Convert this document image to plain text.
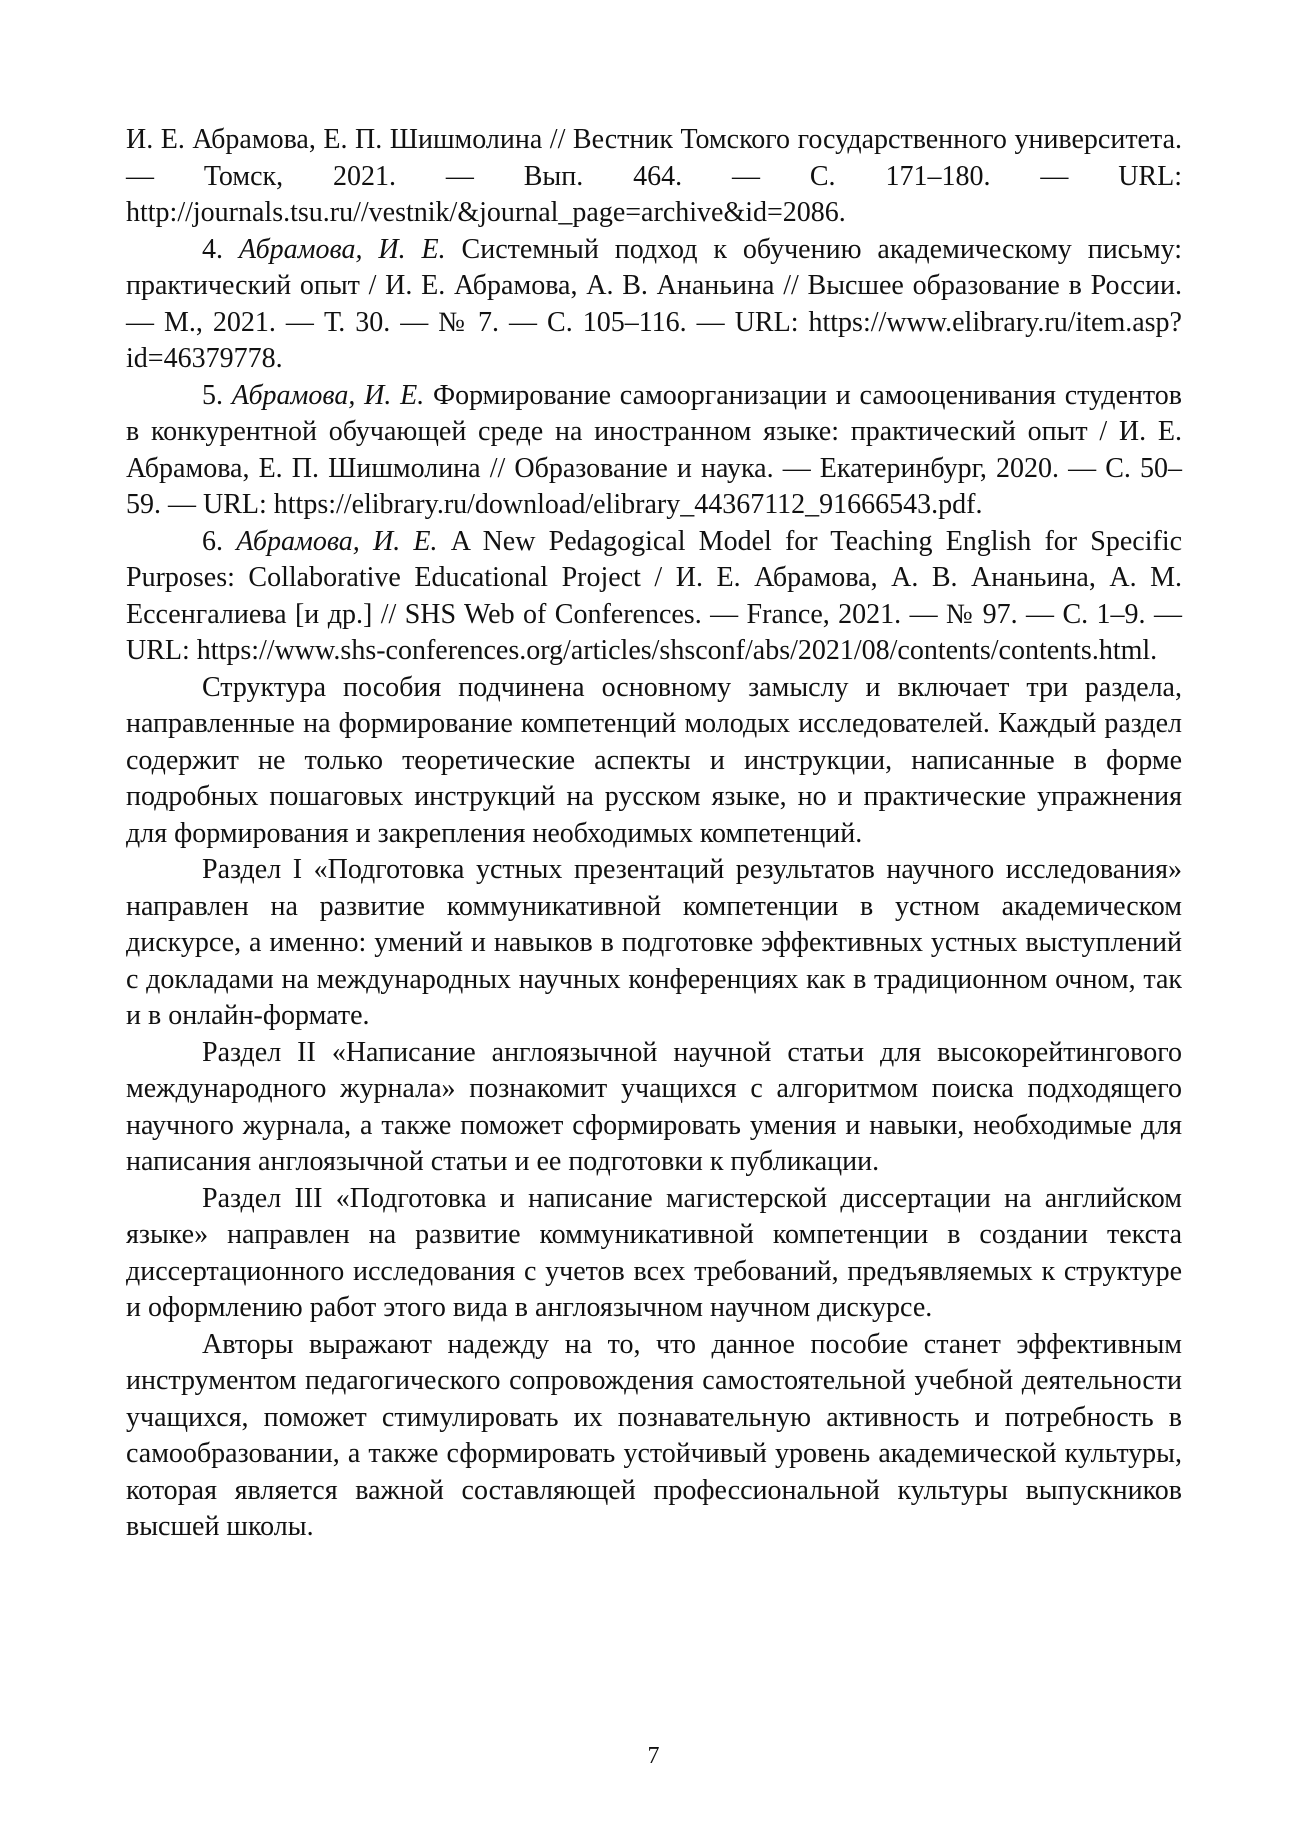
И. Е. Абрамова, Е. П. Шишмолина // Вестник Томского государственного университета. — Томск, 2021. — Вып. 464. — С. 171–180. — URL: http://journals.tsu.ru//vestnik/&journal_page=archive&id=2086.

4. Абрамова, И. Е. Системный подход к обучению академическому письму: практический опыт / И. Е. Абрамова, А. В. Ананьина // Высшее образование в России. — М., 2021. — Т. 30. — № 7. — С. 105–116. — URL: https://www.elibrary.ru/item.asp?id=46379778.

5. Абрамова, И. Е. Формирование самоорганизации и самооценивания студентов в конкурентной обучающей среде на иностранном языке: практический опыт / И. Е. Абрамова, Е. П. Шишмолина // Образование и наука. — Екатеринбург, 2020. — С. 50–59. — URL: https://elibrary.ru/download/elibrary_44367112_91666543.pdf.

6. Абрамова, И. Е. A New Pedagogical Model for Teaching English for Specific Purposes: Collaborative Educational Project / И. Е. Абрамова, А. В. Ананьина, А. М. Ессенгалиева [и др.] // SHS Web of Conferences. — France, 2021. — № 97. — С. 1–9. — URL: https://www.shs-conferences.org/articles/shsconf/abs/2021/08/contents/contents.html.

Структура пособия подчинена основному замыслу и включает три раздела, направленные на формирование компетенций молодых исследователей. Каждый раздел содержит не только теоретические аспекты и инструкции, написанные в форме подробных пошаговых инструкций на русском языке, но и практические упражнения для формирования и закрепления необходимых компетенций.

Раздел I «Подготовка устных презентаций результатов научного исследования» направлен на развитие коммуникативной компетенции в устном академическом дискурсе, а именно: умений и навыков в подготовке эффективных устных выступлений с докладами на международных научных конференциях как в традиционном очном, так и в онлайн-формате.

Раздел II «Написание англоязычной научной статьи для высокорейтингового международного журнала» познакомит учащихся с алгоритмом поиска подходящего научного журнала, а также поможет сформировать умения и навыки, необходимые для написания англоязычной статьи и ее подготовки к публикации.

Раздел III «Подготовка и написание магистерской диссертации на английском языке» направлен на развитие коммуникативной компетенции в создании текста диссертационного исследования с учетов всех требований, предъявляемых к структуре и оформлению работ этого вида в англоязычном научном дискурсе.

Авторы выражают надежду на то, что данное пособие станет эффективным инструментом педагогического сопровождения самостоятельной учебной деятельности учащихся, поможет стимулировать их познавательную активность и потребность в самообразовании, а также сформировать устойчивый уровень академической культуры, которая является важной составляющей профессиональной культуры выпускников высшей школы.

7
